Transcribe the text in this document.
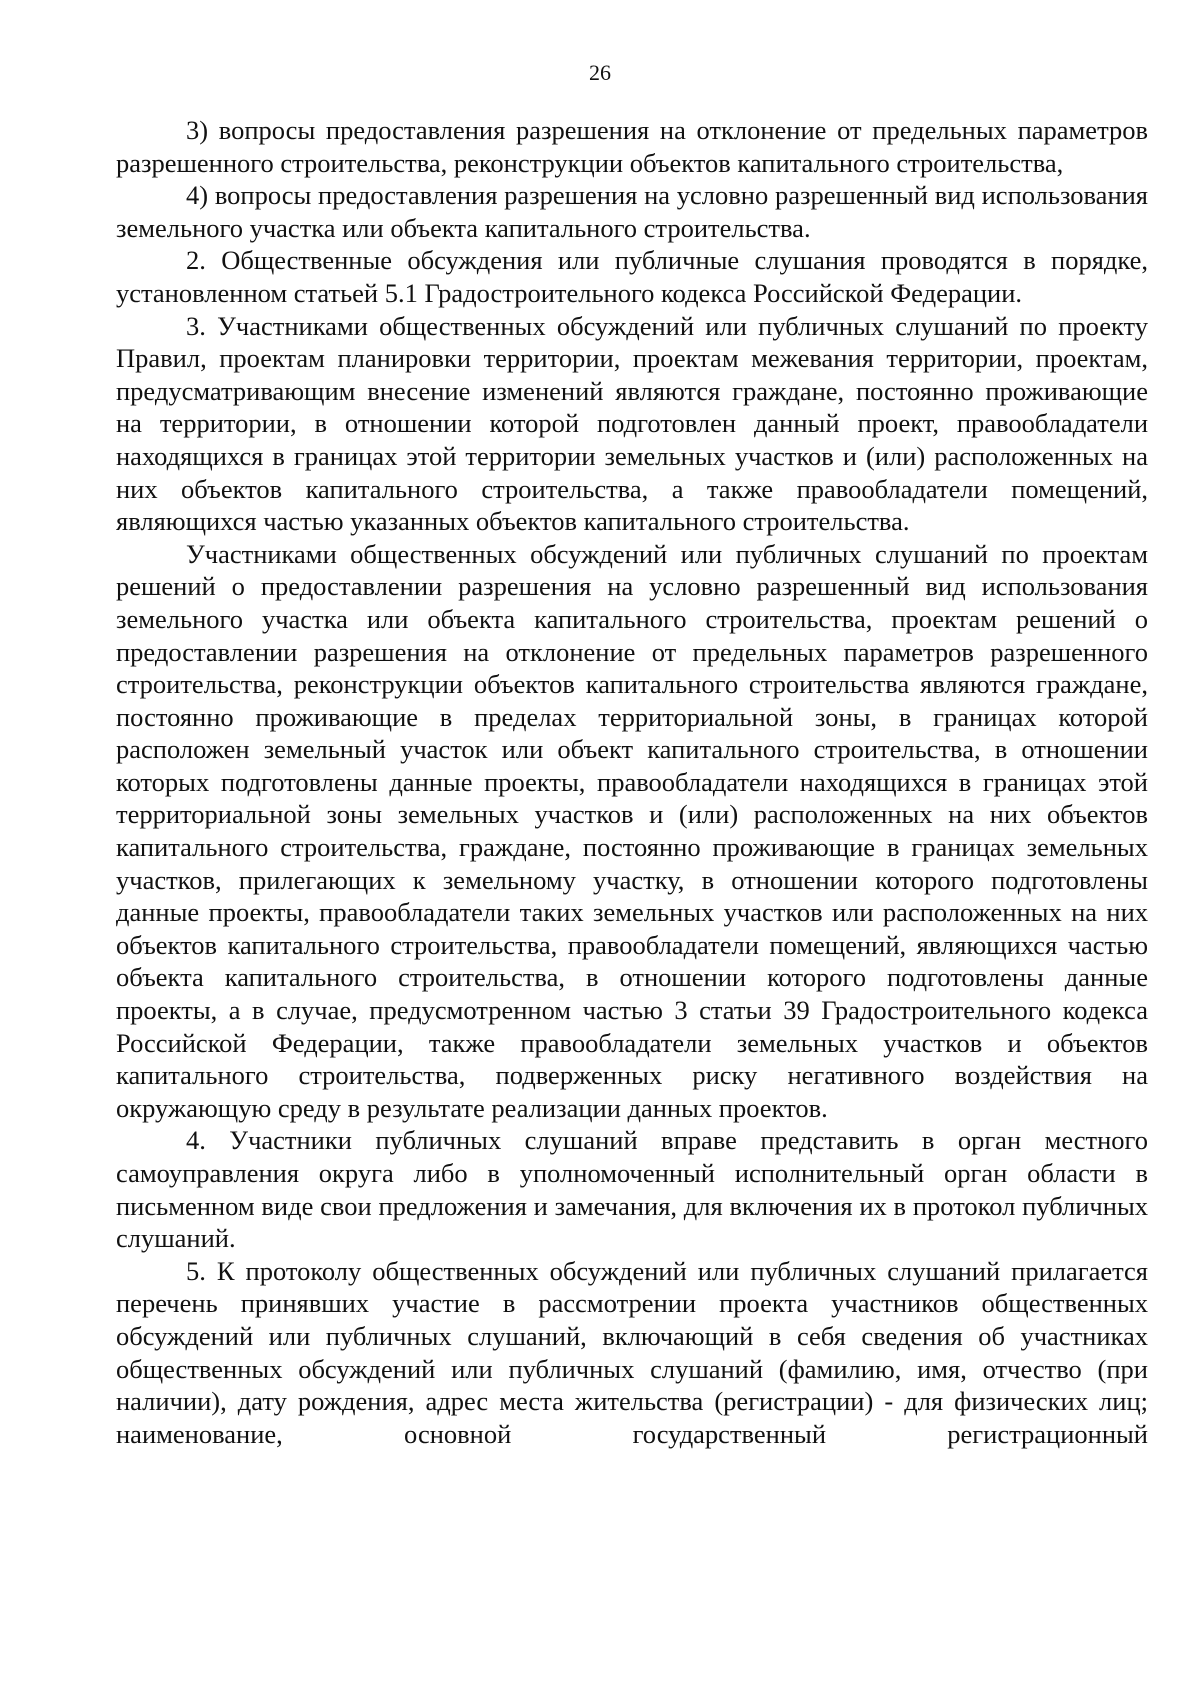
26

3) вопросы предоставления разрешения на отклонение от предельных параметров разрешенного строительства, реконструкции объектов капитального строительства,

4) вопросы предоставления разрешения на условно разрешенный вид использования земельного участка или объекта капитального строительства.

2. Общественные обсуждения или публичные слушания проводятся в порядке, установленном статьей 5.1 Градостроительного кодекса Российской Федерации.

3. Участниками общественных обсуждений или публичных слушаний по проекту Правил, проектам планировки территории, проектам межевания территории, проектам, предусматривающим внесение изменений являются граждане, постоянно проживающие на территории, в отношении которой подготовлен данный проект, правообладатели находящихся в границах этой территории земельных участков и (или) расположенных на них объектов капитального строительства, а также правообладатели помещений, являющихся частью указанных объектов капитального строительства.

Участниками общественных обсуждений или публичных слушаний по проектам решений о предоставлении разрешения на условно разрешенный вид использования земельного участка или объекта капитального строительства, проектам решений о предоставлении разрешения на отклонение от предельных параметров разрешенного строительства, реконструкции объектов капитального строительства являются граждане, постоянно проживающие в пределах территориальной зоны, в границах которой расположен земельный участок или объект капитального строительства, в отношении которых подготовлены данные проекты, правообладатели находящихся в границах этой территориальной зоны земельных участков и (или) расположенных на них объектов капитального строительства, граждане, постоянно проживающие в границах земельных участков, прилегающих к земельному участку, в отношении которого подготовлены данные проекты, правообладатели таких земельных участков или расположенных на них объектов капитального строительства, правообладатели помещений, являющихся частью объекта капитального строительства, в отношении которого подготовлены данные проекты, а в случае, предусмотренном частью 3 статьи 39 Градостроительного кодекса Российской Федерации, также правообладатели земельных участков и объектов капитального строительства, подверженных риску негативного воздействия на окружающую среду в результате реализации данных проектов.

4. Участники публичных слушаний вправе представить в орган местного самоуправления округа либо в уполномоченный исполнительный орган области в письменном виде свои предложения и замечания, для включения их в протокол публичных слушаний.

5. К протоколу общественных обсуждений или публичных слушаний прилагается перечень принявших участие в рассмотрении проекта участников общественных обсуждений или публичных слушаний, включающий в себя сведения об участниках общественных обсуждений или публичных слушаний (фамилию, имя, отчество (при наличии), дату рождения, адрес места жительства (регистрации) - для физических лиц; наименование, основной государственный регистрационный
